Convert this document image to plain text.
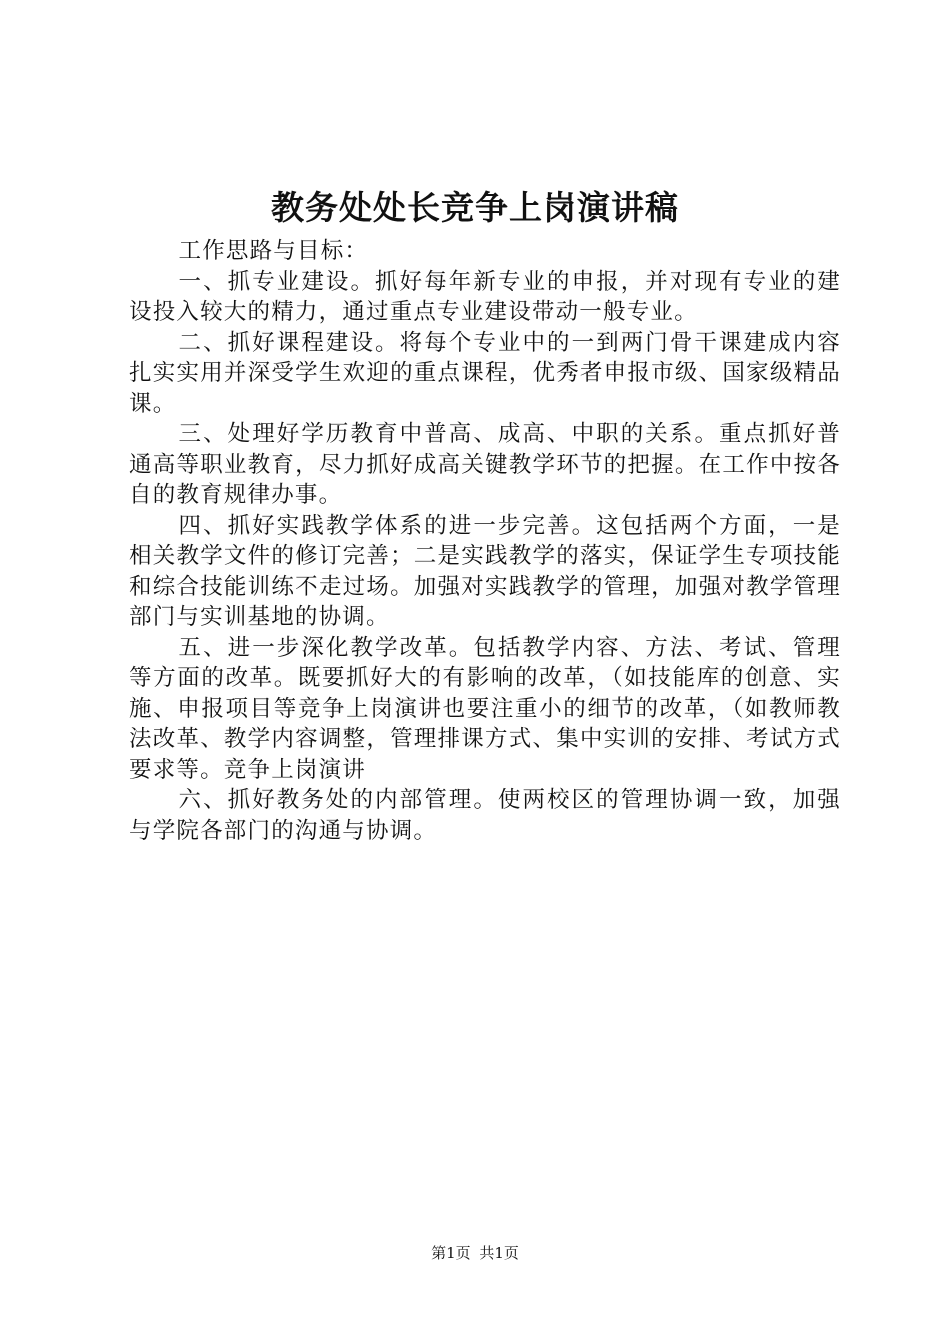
教务处处长竞争上岗演讲稿

工作思路与目标：

一、抓专业建设。抓好每年新专业的申报，并对现有专业的建设投入较大的精力，通过重点专业建设带动一般专业。

二、抓好课程建设。将每个专业中的一到两门骨干课建成内容扎实实用并深受学生欢迎的重点课程，优秀者申报市级、国家级精品课。

三、处理好学历教育中普高、成高、中职的关系。重点抓好普通高等职业教育，尽力抓好成高关键教学环节的把握。在工作中按各自的教育规律办事。

四、抓好实践教学体系的进一步完善。这包括两个方面，一是相关教学文件的修订完善；二是实践教学的落实，保证学生专项技能和综合技能训练不走过场。加强对实践教学的管理，加强对教学管理部门与实训基地的协调。

五、进一步深化教学改革。包括教学内容、方法、考试、管理等方面的改革。既要抓好大的有影响的改革，（如技能库的创意、实施、申报项目等竞争上岗演讲也要注重小的细节的改革，（如教师教法改革、教学内容调整，管理排课方式、集中实训的安排、考试方式要求等。竞争上岗演讲

六、抓好教务处的内部管理。使两校区的管理协调一致，加强与学院各部门的沟通与协调。

第1页 共1页
